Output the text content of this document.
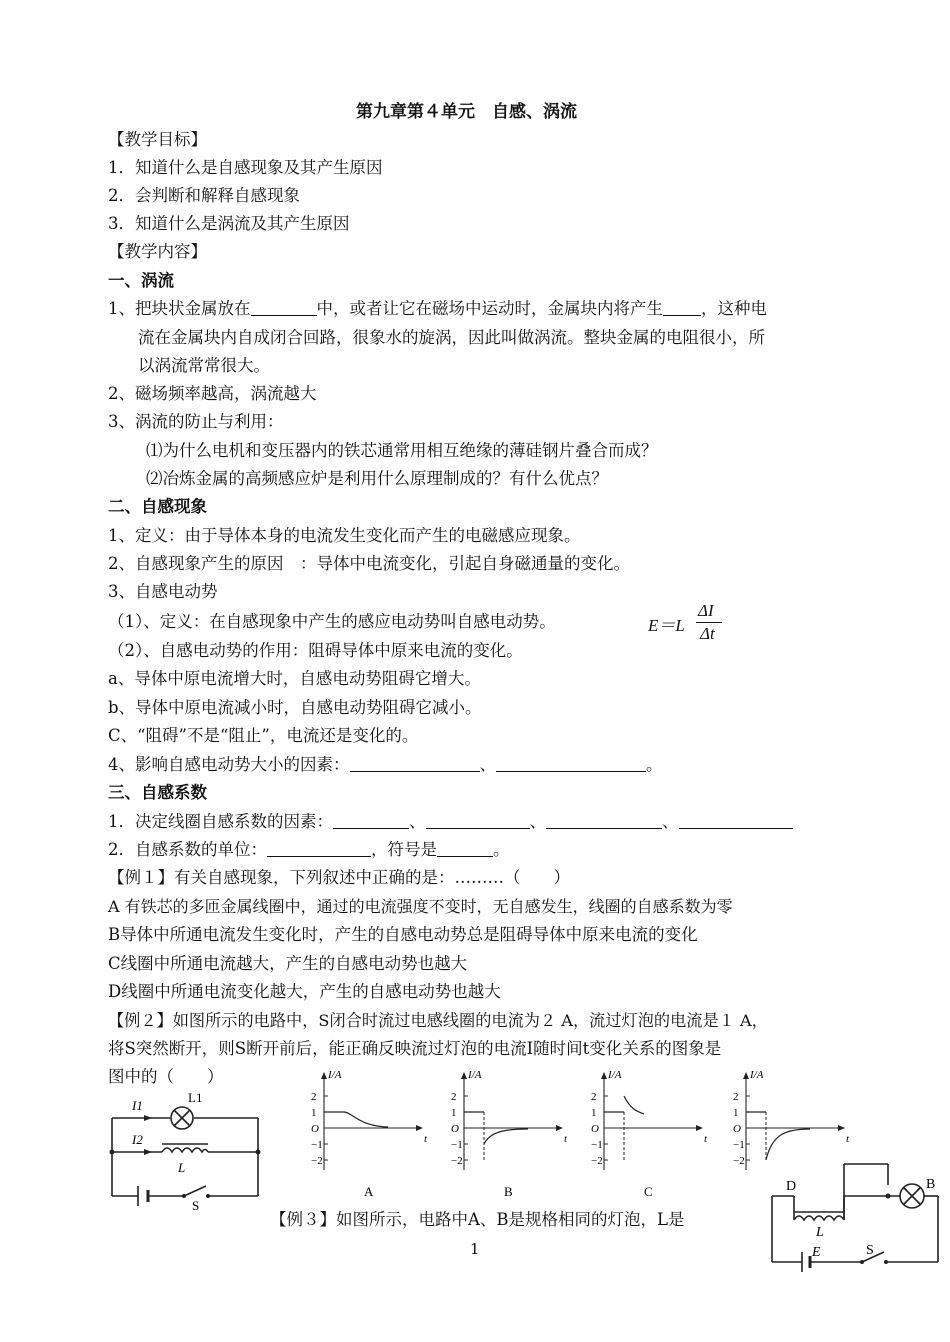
第九章第４单元　自感、涡流
【教学目标】
1．知道什么是自感现象及其产生原因
2．会判断和解释自感现象
3．知道什么是涡流及其产生原因
【教学内容】
一、涡流
1、把块状金属放在	中，或者让它在磁场中运动时，金属块内将产生 ，这种电
流在金属块内自成闭合回路，很象水的旋涡，因此叫做涡流。整块金属的电阻很小，所
以涡流常常很大。
2、磁场频率越高，涡流越大
3、涡流的防止与利用：
⑴为什么电机和变压器内的铁芯通常用相互绝缘的薄硅钢片叠合而成？
⑵冶炼金属的高频感应炉是利用什么原理制成的？有什么优点？
二、自感现象
1、定义：由于导体本身的电流发生变化而产生的电磁感应现象。
2、自感现象产生的原因　：导体中电流变化，引起自身磁通量的变化。
3、自感电动势
（1）、定义：在自感现象中产生的感应电动势叫自感电动势。	E＝L
ΔI
Δt
（2）、自感电动势的作用：阻碍导体中原来电流的变化。
a、导体中原电流增大时，自感电动势阻碍它增大。
b、导体中原电流减小时，自感电动势阻碍它减小。
C、“阻碍”不是“阻止”，电流还是变化的。
4、影响自感电动势大小的因素：	、	。
三、自感系数
1．决定线圈自感系数的因素：	、	、	、
2．自感系数的单位：	，符号是	。
【例１】有关自感现象，下列叙述中正确的是：………（　　）
A 有铁芯的多匝金属线圈中，通过的电流强度不变时，无自感发生，线圈的自感系数为零
B导体中所通电流发生变化时，产生的自感电动势总是阻碍导体中原来电流的变化
C线圈中所通电流越大，产生的自感电动势也越大
D线圈中所通电流变化越大，产生的自感电动势也越大
【例２】如图所示的电路中，S闭合时流过电感线圈的电流为２ A，流过灯泡的电流是１ A，
将S突然断开，则S断开前后，能正确反映流过灯泡的电流I随时间t变化关系的图象是
图中的（　　）
I1
I2
L1
L
S
I/A
t
2
1
O
−1
−2
A
I/A
t
2
1
O
−1
−2
B
I/A
t
2
1
O
−1
−2
C
I/A
t
2
1
O
−1
−2
【例３】如图所示，电路中A、B是规格相同的灯泡，L是
D
L
B
E	S
1
